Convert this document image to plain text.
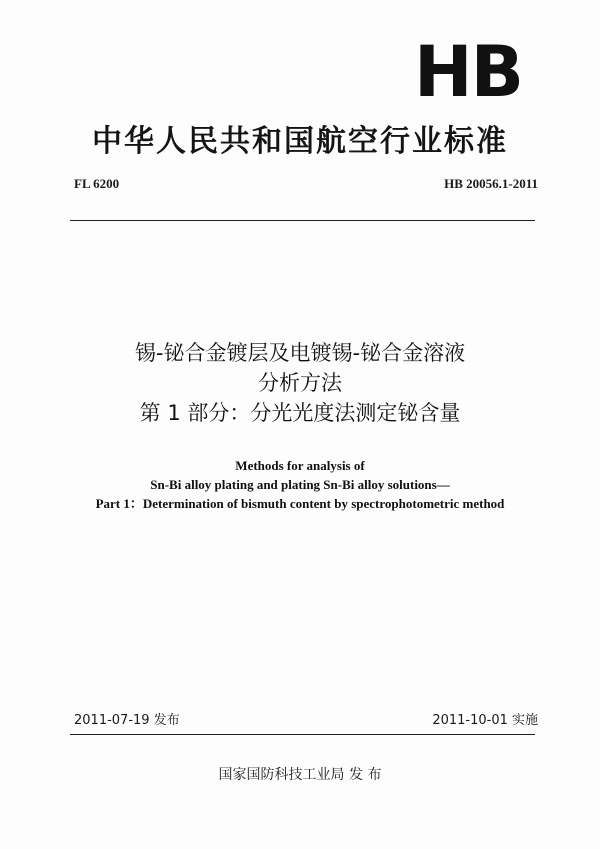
HB
中华人民共和国航空行业标准
FL 6200	HB 20056.1-2011
锡-铋合金镀层及电镀锡-铋合金溶液
分析方法
第 1 部分：分光光度法测定铋含量
Methods for analysis of
Sn-Bi alloy plating and plating Sn-Bi alloy solutions—
Part 1：Determination of bismuth content by spectrophotometric method
2011-07-19 发布	2011-10-01 实施
国家国防科技工业局 发 布
